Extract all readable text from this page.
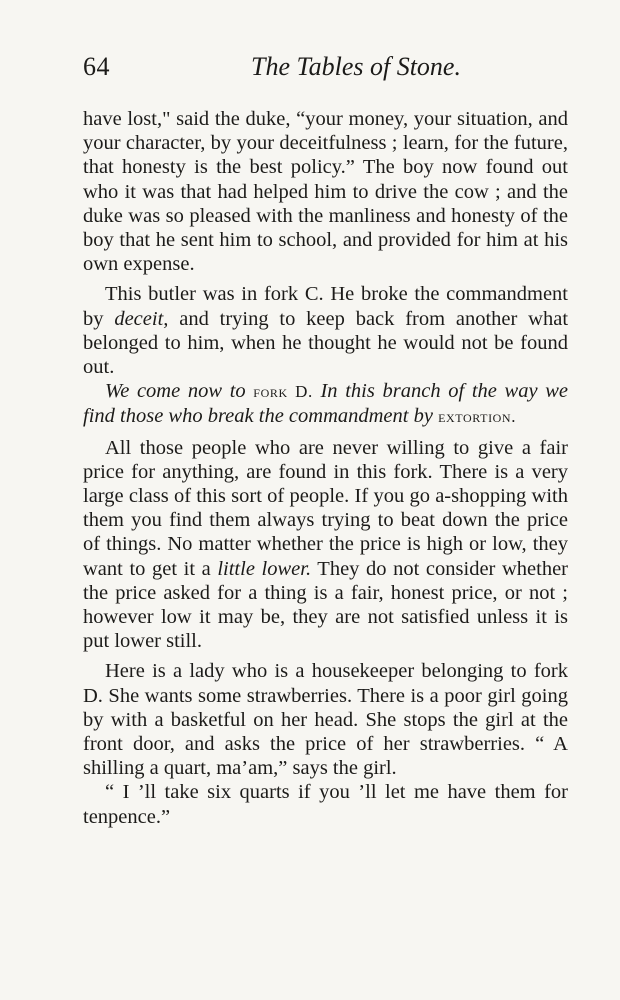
64	The Tables of Stone.

have lost," said the duke, “your money, your situation, and your character, by your deceitfulness ; learn, for the future, that honesty is the best policy.” The boy now found out who it was that had helped him to drive the cow ; and the duke was so pleased with the manliness and honesty of the boy that he sent him to school, and provided for him at his own expense.

This butler was in fork C. He broke the commandment by deceit, and trying to keep back from another what belonged to him, when he thought he would not be found out.

We come now to fork D. In this branch of the way we find those who break the commandment by extortion.

All those people who are never willing to give a fair price for anything, are found in this fork. There is a very large class of this sort of people. If you go a-shopping with them you find them always trying to beat down the price of things. No matter whether the price is high or low, they want to get it a little lower. They do not consider whether the price asked for a thing is a fair, honest price, or not ; however low it may be, they are not satisfied unless it is put lower still.

Here is a lady who is a housekeeper belonging to fork D. She wants some strawberries. There is a poor girl going by with a basketful on her head. She stops the girl at the front door, and asks the price of her strawberries. “ A shilling a quart, ma’am,” says the girl.

“ I ’ll take six quarts if you ’ll let me have them for tenpence.”
